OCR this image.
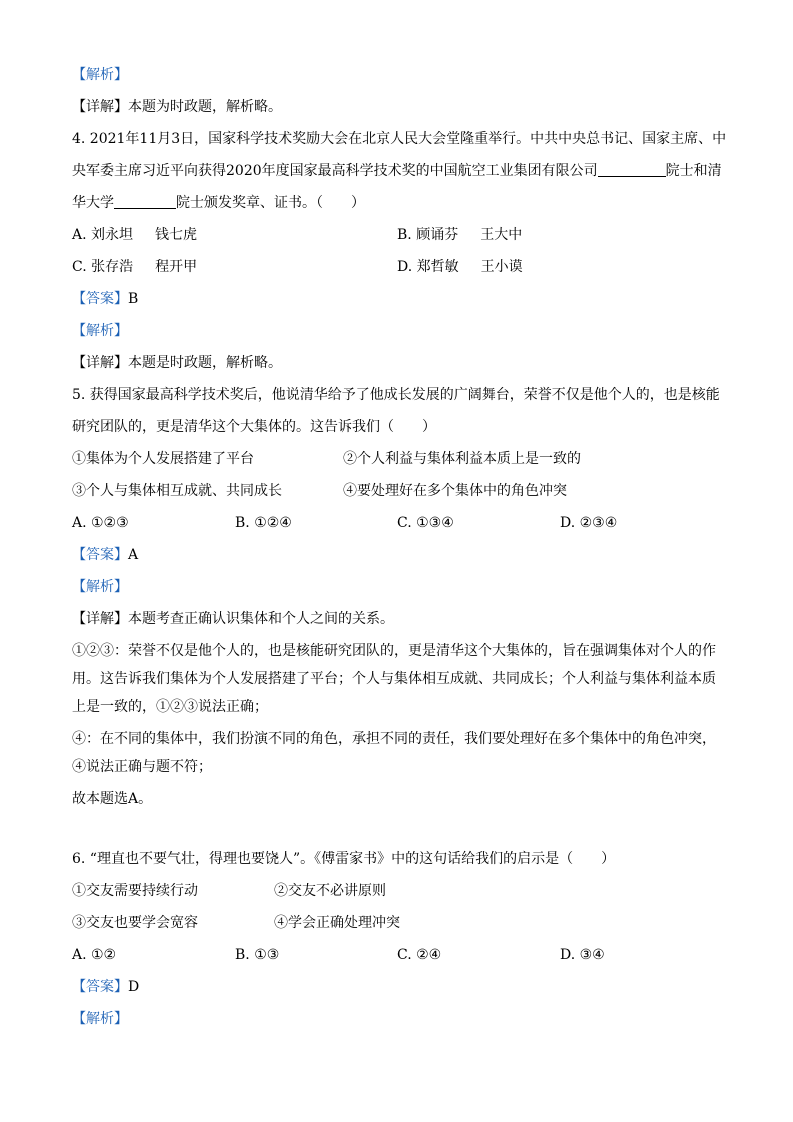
【解析】
【详解】本题为时政题，解析略。
4. 2021年11月3日，国家科学技术奖励大会在北京人民大会堂隆重举行。中共中央总书记、国家主席、中
央军委主席习近平向获得2020年度国家最高科学技术奖的中国航空工业集团有限公司	院士和清
华大学	院士颁发奖章、证书。（　　）
A. 刘永坦 钱七虎	B. 顾诵芬 王大中
C. 张存浩 程开甲	D. 郑哲敏 王小谟
【答案】B
【解析】
【详解】本题是时政题，解析略。
5. 获得国家最高科学技术奖后，他说清华给予了他成长发展的广阔舞台，荣誉不仅是他个人的，也是核能
研究团队的，更是清华这个大集体的。这告诉我们（　　）
①集体为个人发展搭建了平台	②个人利益与集体利益本质上是一致的
③个人与集体相互成就、共同成长	④要处理好在多个集体中的角色冲突
A. ①②③	B. ①②④	C. ①③④	D. ②③④
【答案】A
【解析】
【详解】本题考查正确认识集体和个人之间的关系。
①②③：荣誉不仅是他个人的，也是核能研究团队的，更是清华这个大集体的，旨在强调集体对个人的作
用。这告诉我们集体为个人发展搭建了平台；个人与集体相互成就、共同成长；个人利益与集体利益本质
上是一致的，①②③说法正确；
④：在不同的集体中，我们扮演不同的角色，承担不同的责任，我们要处理好在多个集体中的角色冲突，
④说法正确与题不符；
故本题选A。
6. “理直也不要气壮，得理也要饶人”。《傅雷家书》中的这句话给我们的启示是（　　）
①交友需要持续行动	②交友不必讲原则
③交友也要学会宽容	④学会正确处理冲突
A. ①②	B. ①③	C. ②④	D. ③④
【答案】D
【解析】
